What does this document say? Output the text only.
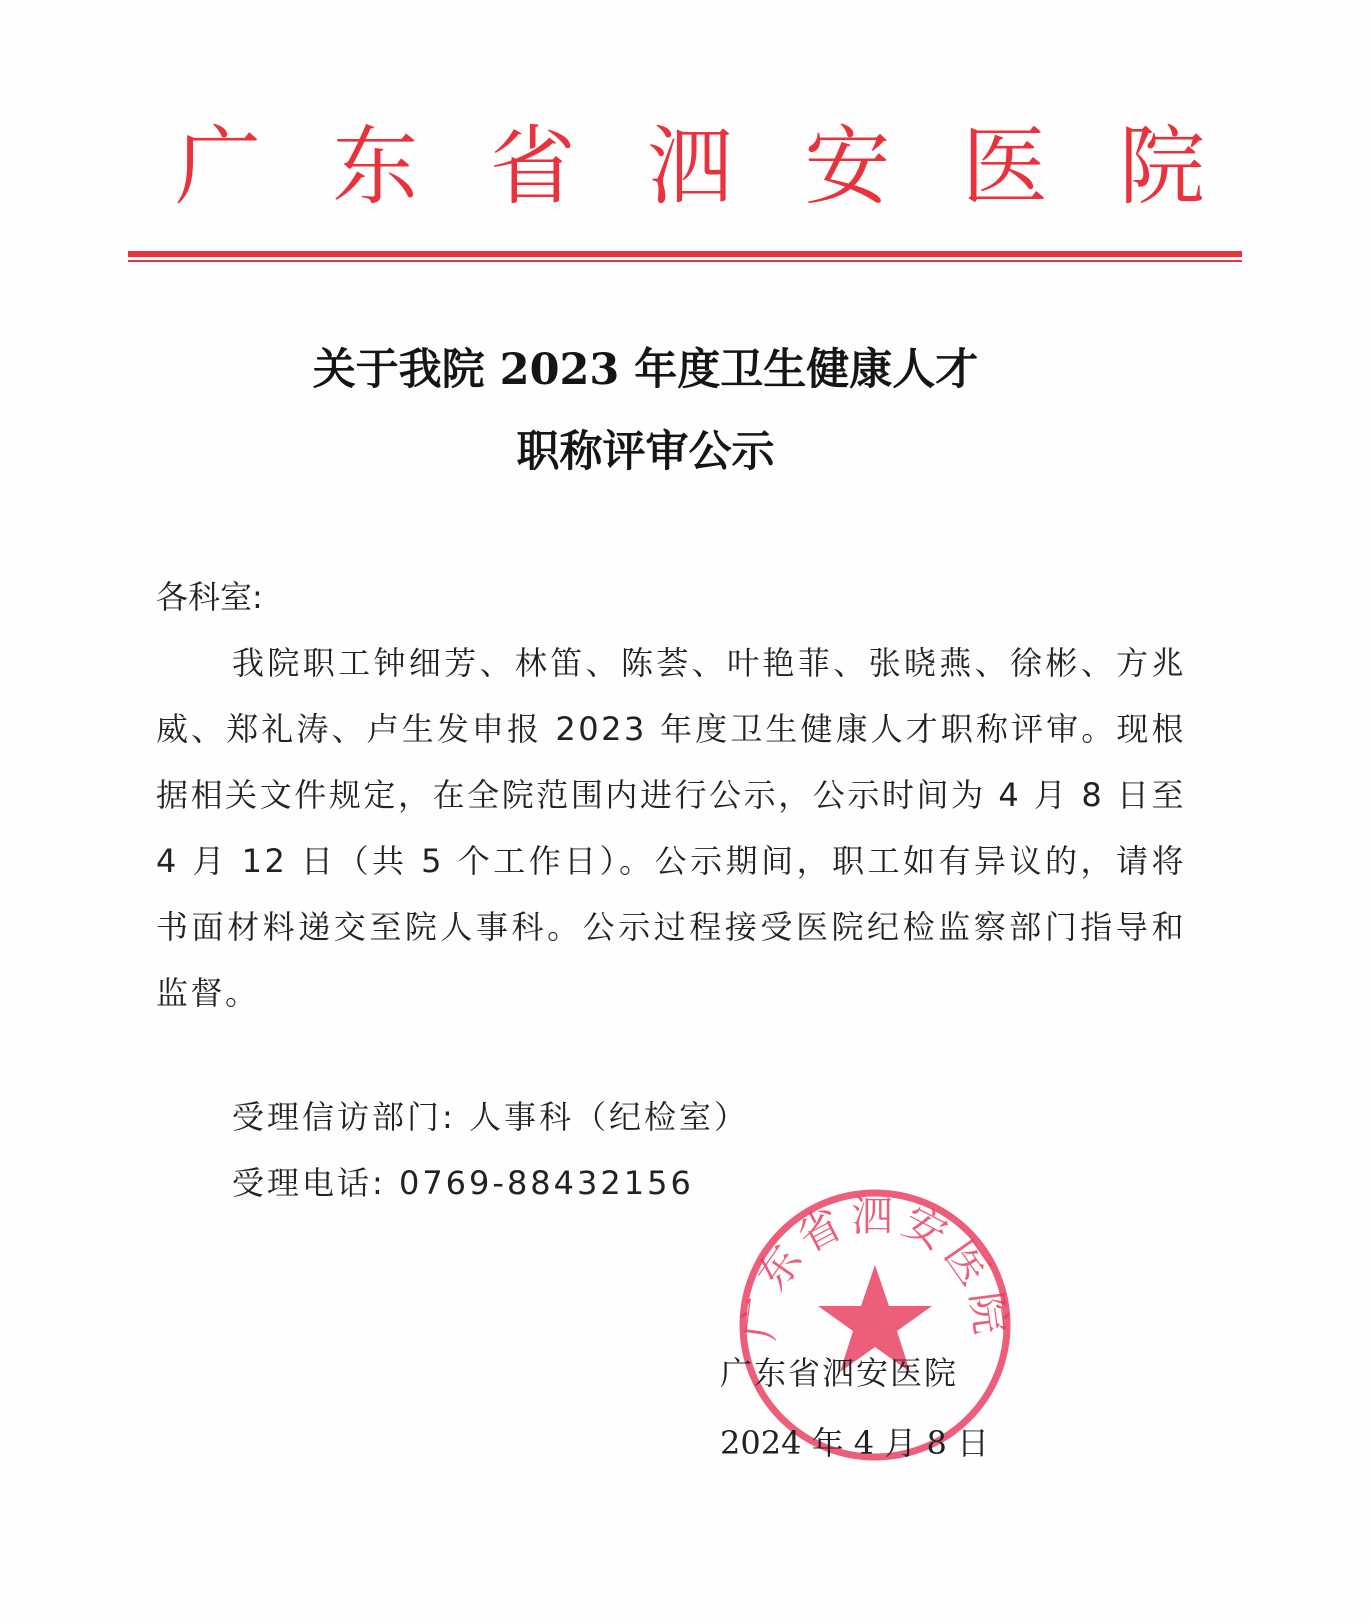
广 东 省 泗 安 医 院
关于我院 2023 年度卫生健康人才
职称评审公示
各科室:
我院职工钟细芳、林笛、陈荟、叶艳菲、张晓燕、徐彬、方兆威、郑礼涛、卢生发申报 2023 年度卫生健康人才职称评审。现根据相关文件规定，在全院范围内进行公示，公示时间为 4 月 8 日至 4 月 12 日（共 5 个工作日）。公示期间，职工如有异议的，请将书面材料递交至院人事科。公示过程接受医院纪检监察部门指导和监督。
受理信访部门: 人事科（纪检室）
受理电话: 0769-88432156
广东省泗安医院
广东省泗安医院
2024 年 4 月 8 日
